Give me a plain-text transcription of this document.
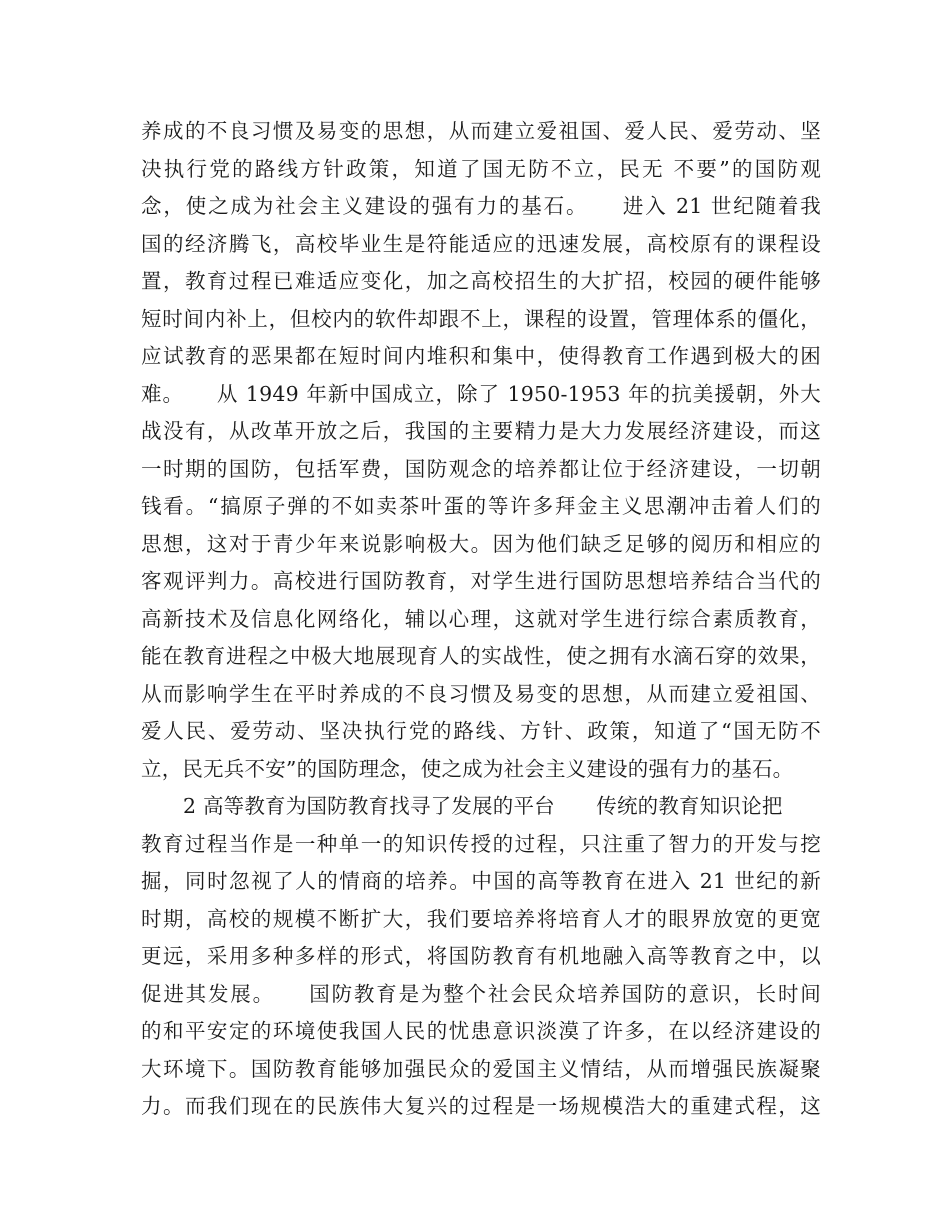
养成的不良习惯及易变的思想，从而建立爱祖国、爱人民、爱劳动、坚
决执行党的路线方针政策，知道了国无防不立，民无 不要”的国防观
念，使之成为社会主义建设的强有力的基石。　　进入 21 世纪随着我
国的经济腾飞，高校毕业生是符能适应的迅速发展，高校原有的课程设
置，教育过程已难适应变化，加之高校招生的大扩招，校园的硬件能够
短时间内补上，但校内的软件却跟不上，课程的设置，管理体系的僵化，
应试教育的恶果都在短时间内堆积和集中，使得教育工作遇到极大的困
难。　　从 1949 年新中国成立，除了 1950-1953 年的抗美援朝，外大
战没有，从改革开放之后，我国的主要精力是大力发展经济建设，而这
一时期的国防，包括军费，国防观念的培养都让位于经济建设，一切朝
钱看。“搞原子弹的不如卖茶叶蛋的等许多拜金主义思潮冲击着人们的
思想，这对于青少年来说影响极大。因为他们缺乏足够的阅历和相应的
客观评判力。高校进行国防教育，对学生进行国防思想培养结合当代的
高新技术及信息化网络化，辅以心理，这就对学生进行综合素质教育，
能在教育进程之中极大地展现育人的实战性，使之拥有水滴石穿的效果，
从而影响学生在平时养成的不良习惯及易变的思想，从而建立爱祖国、
爱人民、爱劳动、坚决执行党的路线、方针、政策，知道了“国无防不
立，民无兵不安”的国防理念，使之成为社会主义建设的强有力的基石。
2 高等教育为国防教育找寻了发展的平台　　传统的教育知识论把
教育过程当作是一种单一的知识传授的过程，只注重了智力的开发与挖
掘，同时忽视了人的情商的培养。中国的高等教育在进入 21 世纪的新
时期，高校的规模不断扩大，我们要培养将培育人才的眼界放宽的更宽
更远，采用多种多样的形式，将国防教育有机地融入高等教育之中，以
促进其发展。　　国防教育是为整个社会民众培养国防的意识，长时间
的和平安定的环境使我国人民的忧患意识淡漠了许多，在以经济建设的
大环境下。国防教育能够加强民众的爱国主义情结，从而增强民族凝聚
力。而我们现在的民族伟大复兴的过程是一场规模浩大的重建式程，这
